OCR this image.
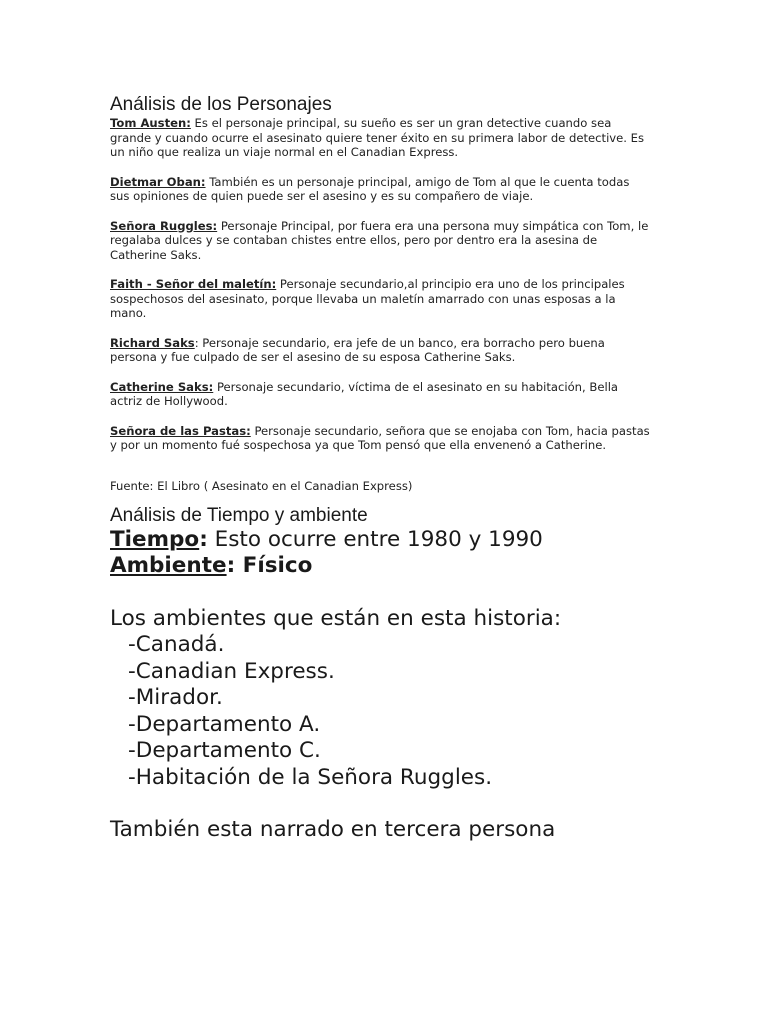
Análisis de los Personajes

Tom Austen: Es el personaje principal, su sueño es ser un gran detective cuando sea grande y cuando ocurre el asesinato quiere tener éxito en su primera labor de detective. Es un niño que realiza un viaje normal en el Canadian Express.

Dietmar Oban: También es un personaje principal, amigo de Tom al que le cuenta todas sus opiniones de quien puede ser el asesino y es su compañero de viaje.

Señora Ruggles: Personaje Principal, por fuera era una persona muy simpática con Tom, le regalaba dulces y se contaban chistes entre ellos, pero por dentro era la asesina de Catherine Saks.

Faith - Señor del maletín: Personaje secundario,al principio era uno de los principales sospechosos del asesinato, porque llevaba un maletín amarrado con unas esposas a la mano.

Richard Saks: Personaje secundario, era jefe de un banco, era borracho pero buena persona y fue culpado de ser el asesino de su esposa Catherine Saks.

Catherine Saks: Personaje secundario, víctima de el asesinato en su habitación, Bella actriz de Hollywood.

Señora de las Pastas: Personaje secundario, señora que se enojaba con Tom, hacia pastas y por un momento fué sospechosa ya que Tom pensó que ella envenenó a Catherine.

Fuente: El Libro ( Asesinato en el Canadian Express)

Análisis de Tiempo y ambiente

Tiempo: Esto ocurre entre 1980 y 1990

Ambiente: Físico

Los ambientes que están en esta historia:

-Canadá.
-Canadian Express.
-Mirador.
-Departamento A.
-Departamento C.
-Habitación de la Señora Ruggles.

También esta narrado en tercera persona
